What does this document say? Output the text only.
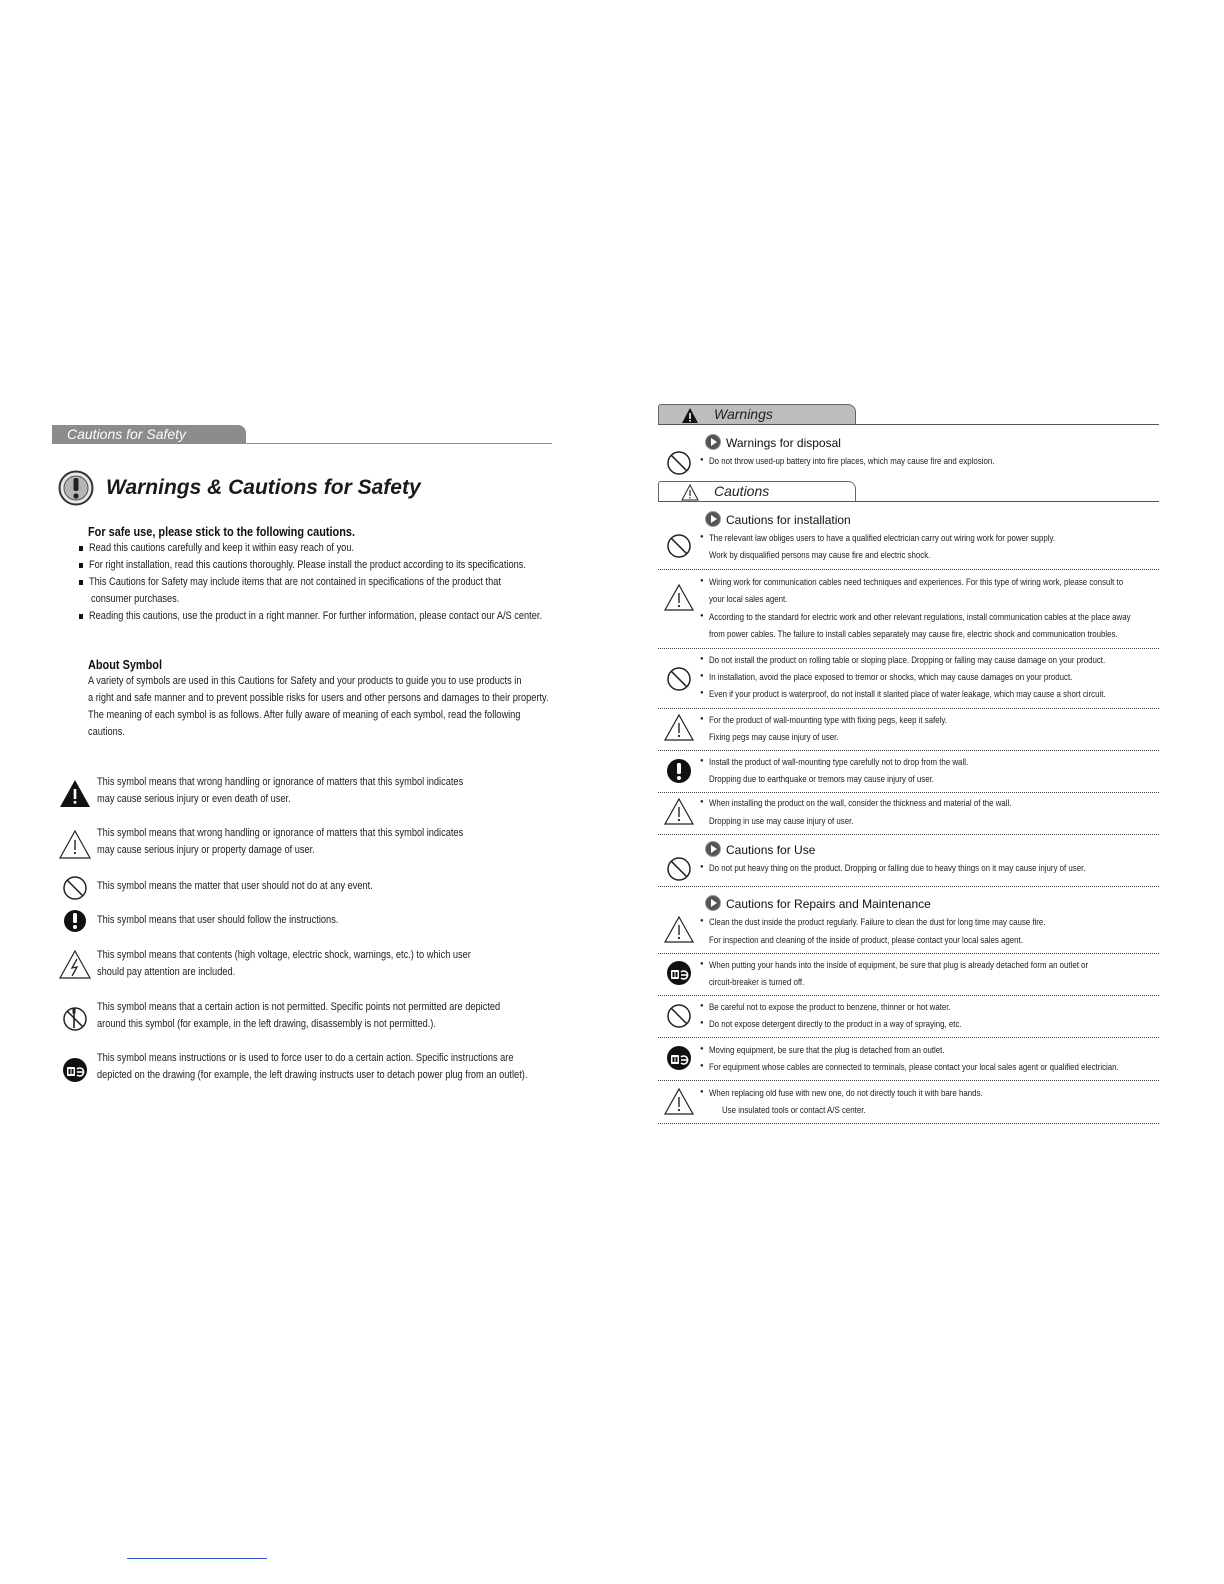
Cautions for Safety
Warnings & Cautions for Safety
For safe use, please stick to the following cautions.
Read this cautions carefully and keep it within easy reach of you.
For right installation, read this cautions thoroughly. Please install the product according to its specifications.
This Cautions for Safety may include items that are not contained in specifications of the product that
consumer purchases.
Reading this cautions, use the product in a right manner. For further information, please contact our A/S center.
About Symbol
A variety of symbols are used in this Cautions for Safety and your products to guide you to use products in
a right and safe manner and to prevent possible risks for users and other persons and damages to their property.
The meaning of each symbol is as follows. After fully aware of meaning of each symbol, read the following
cautions.
This symbol means that wrong handling or ignorance of matters that this symbol indicates
may cause serious injury or even death of user.
This symbol means that wrong handling or ignorance of matters that this symbol indicates
may cause serious injury or property damage of user.
This symbol means the matter that user should not do at any event.
This symbol means that user should follow the instructions.
This symbol means that contents (high voltage, electric shock, warnings, etc.) to which user
should pay attention are included.
This symbol means that a certain action is not permitted. Specific points not permitted are depicted
around this symbol (for example, in the left drawing, disassembly is not permitted.).
This symbol means instructions or is used to force user to do a certain action. Specific instructions are
depicted on the drawing (for example, the left drawing instructs user to detach power plug from an outlet).
Warnings
Warnings for disposal
● Do not throw used-up battery into fire places, which may cause fire and explosion.
Cautions
Cautions for installation
● The relevant law obliges users to have a qualified electrician carry out wiring work for power supply.
Work by disqualified persons may cause fire and electric shock.
● Wiring work for communication cables need techniques and experiences. For this type of wiring work, please consult to
your local sales agent.
● According to the standard for electric work and other relevant regulations, install communication cables at the place away
from power cables. The failure to install cables separately may cause fire, electric shock and communication troubles.
● Do not install the product on rolling table or sloping place. Dropping or falling may cause damage on your product.
● In installation, avoid the place exposed to tremor or shocks, which may cause damages on your product.
● Even if your product is waterproof, do not install it slanted place of water leakage, which may cause a short circuit.
● For the product of wall-mounting type with fixing pegs, keep it safely.
Fixing pegs may cause injury of user.
● Install the product of wall-mounting type carefully not to drop from the wall.
Dropping due to earthquake or tremors may cause injury of user.
● When installing the product on the wall, consider the thickness and material of the wall.
Dropping in use may cause injury of user.
Cautions for Use
● Do not put heavy thing on the product. Dropping or falling due to heavy things on it may cause injury of user.
Cautions for Repairs and Maintenance
● Clean the dust inside the product regularly. Failure to clean the dust for long time may cause fire.
For inspection and cleaning of the inside of product, please contact your local sales agent.
● When putting your hands into the inside of equipment, be sure that plug is already detached form an outlet or
circuit-breaker is turned off.
● Be careful not to expose the product to benzene, thinner or hot water.
● Do not expose detergent directly to the product in a way of spraying, etc.
● Moving equipment, be sure that the plug is detached from an outlet.
● For equipment whose cables are connected to terminals, please contact your local sales agent or qualified electrician.
● When replacing old fuse with new one, do not directly touch it with bare hands.
Use insulated tools or contact A/S center.
